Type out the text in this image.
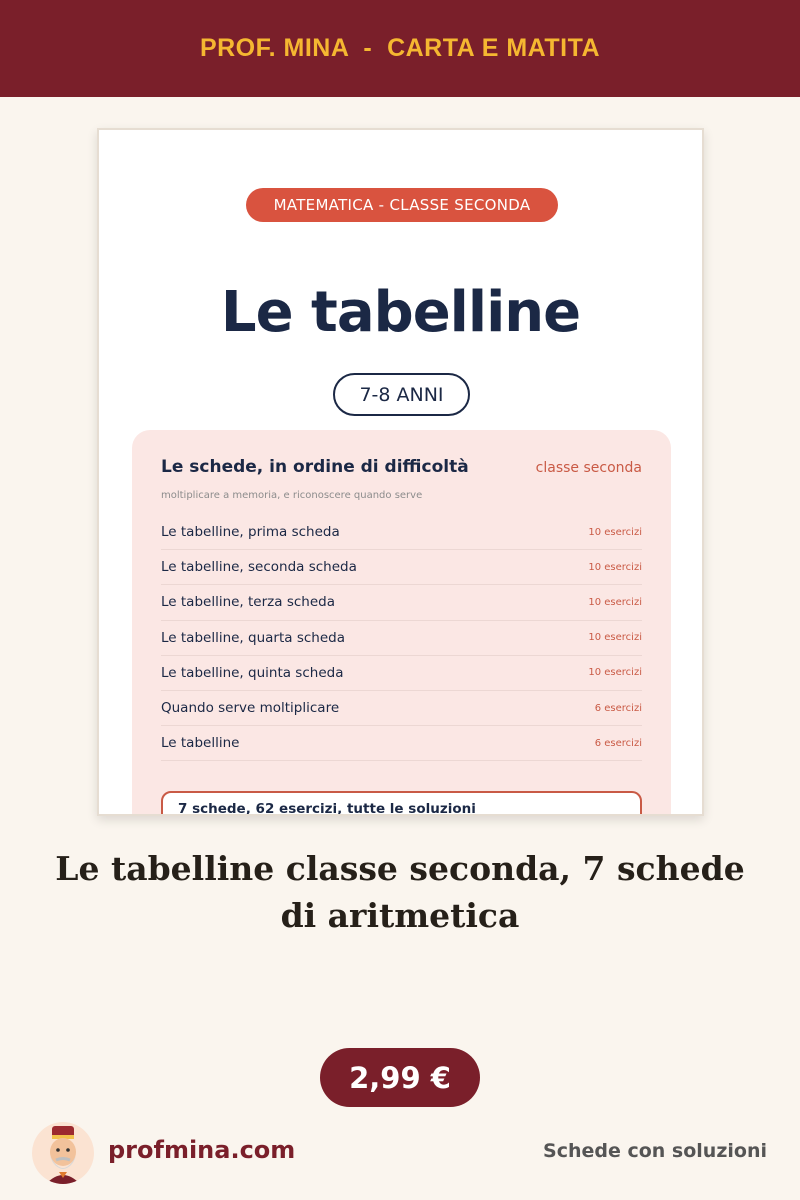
PROF. MINA  -  CARTA E MATITA
MATEMATICA - CLASSE SECONDA
Le tabelline
7-8 ANNI
Le schede, in ordine di difficoltà	classe seconda
moltiplicare a memoria, e riconoscere quando serve
Le tabelline, prima scheda	10 esercizi
Le tabelline, seconda scheda	10 esercizi
Le tabelline, terza scheda	10 esercizi
Le tabelline, quarta scheda	10 esercizi
Le tabelline, quinta scheda	10 esercizi
Quando serve moltiplicare	6 esercizi
Le tabelline	6 esercizi
7 schede, 62 esercizi, tutte le soluzioni
Le tabelline classe seconda, 7 schede di aritmetica
2,99 €
profmina.com	Schede con soluzioni
